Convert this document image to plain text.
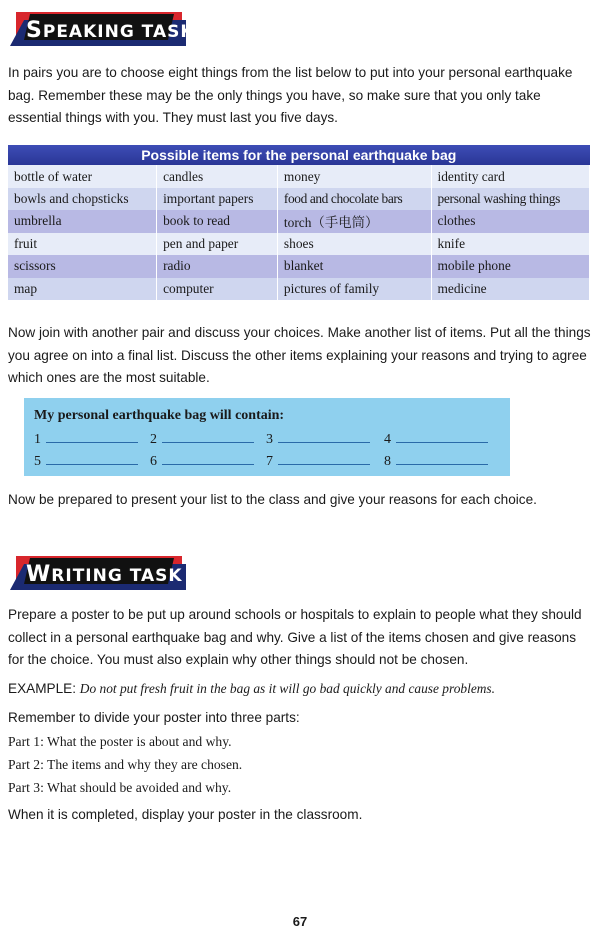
SPEAKING TASK
In pairs you are to choose eight things from the list below to put into your personal earthquake bag. Remember these may be the only things you have, so make sure that you only take essential things with you. They must last you five days.
Possible items for the personal earthquake bag			
bottle of water	candles	money	identity card
bowls and chopsticks	important papers	food and chocolate bars	personal washing things
umbrella	book to read	torch（手电筒）	clothes
fruit	pen and paper	shoes	knife
scissors	radio	blanket	mobile phone
map	computer	pictures of family	medicine
Now join with another pair and discuss your choices. Make another list of items. Put all the things you agree on into a final list. Discuss the other items explaining your reasons and trying to agree which ones are the most suitable.
My personal earthquake bag will contain:
1	2	3	4
5	6	7	8
Now be prepared to present your list to the class and give your reasons for each choice.
WRITING TASK
Prepare a poster to be put up around schools or hospitals to explain to people what they should collect in a personal earthquake bag and why. Give a list of the items chosen and give reasons for the choice. You must also explain why other things should not be chosen.
EXAMPLE: Do not put fresh fruit in the bag as it will go bad quickly and cause problems.
Remember to divide your poster into three parts:
Part 1: What the poster is about and why.
Part 2: The items and why they are chosen.
Part 3: What should be avoided and why.
When it is completed, display your poster in the classroom.
67
